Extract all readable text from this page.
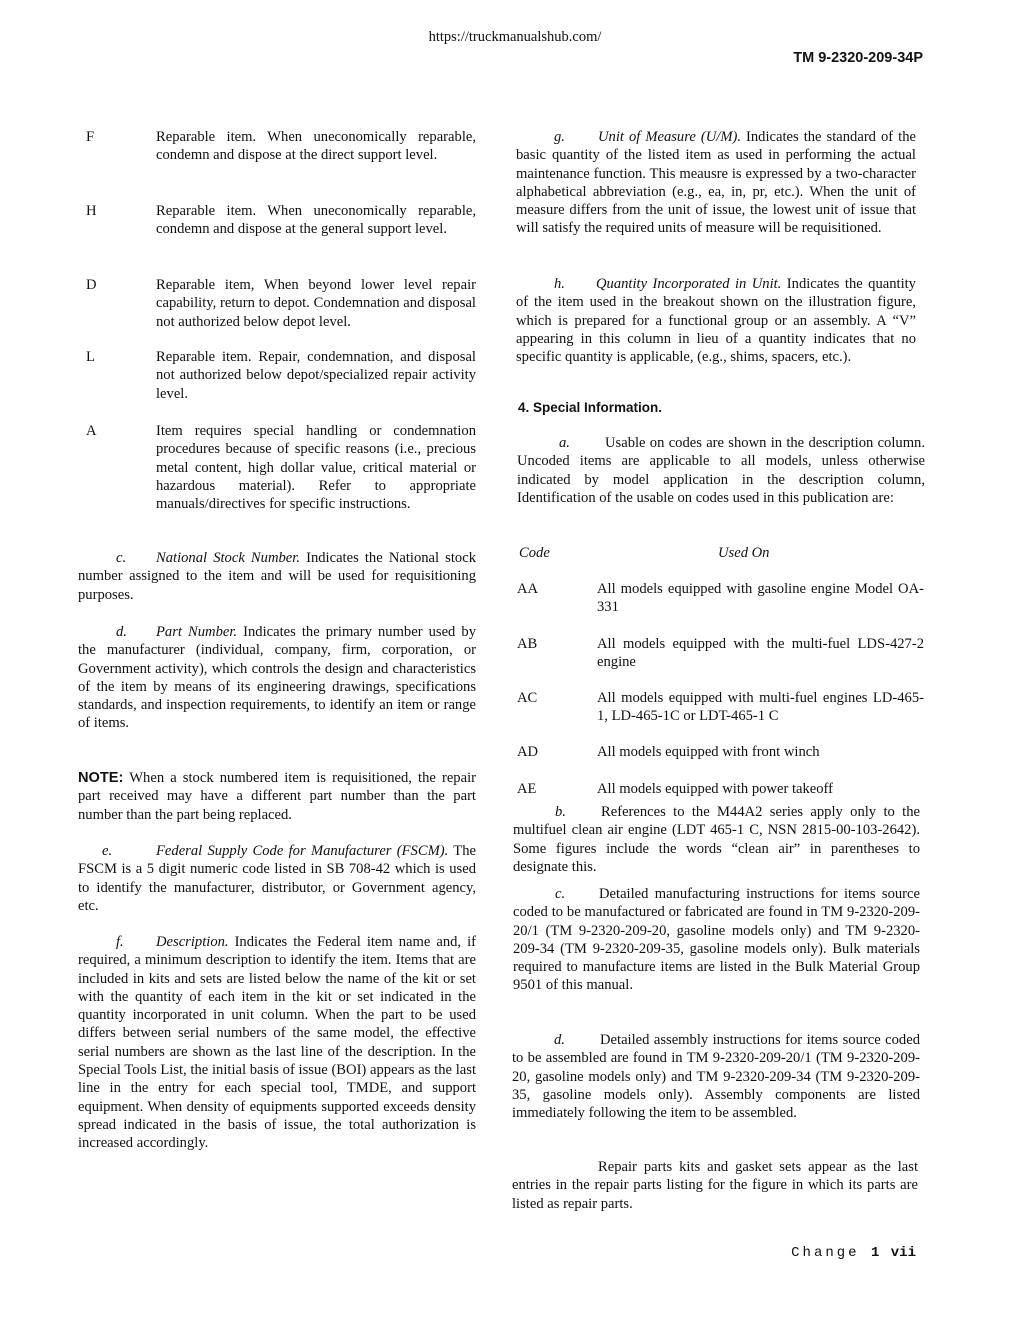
https://truckmanualshub.com/
TM 9-2320-209-34P
F	Reparable item. When uneconomically reparable, condemn and dispose at the direct support level.
H	Reparable item. When uneconomically reparable, condemn and dispose at the general support level.
D	Reparable item, When beyond lower level repair capability, return to depot. Condemnation and disposal not authorized below depot level.
L	Reparable item. Repair, condemnation, and disposal not authorized below depot/specialized repair activity level.
A	Item requires special handling or condemnation procedures because of specific reasons (i.e., precious metal content, high dollar value, critical material or hazardous material). Refer to appropriate manuals/directives for specific instructions.
c. National Stock Number. Indicates the National stock number assigned to the item and will be used for requisitioning purposes.
d. Part Number. Indicates the primary number used by the manufacturer (individual, company, firm, corporation, or Government activity), which controls the design and characteristics of the item by means of its engineering drawings, specifications standards, and inspection requirements, to identify an item or range of items.
NOTE: When a stock numbered item is requisitioned, the repair part received may have a different part number than the part number than the part being replaced.
e.	Federal Supply Code for Manufacturer (FSCM). The FSCM is a 5 digit numeric code listed in SB 708-42 which is used to identify the manufacturer, distributor, or Government agency, etc.
f. Description. Indicates the Federal item name and, if required, a minimum description to identify the item. Items that are included in kits and sets are listed below the name of the kit or set with the quantity of each item in the kit or set indicated in the quantity incorporated in unit column. When the part to be used differs between serial numbers of the same model, the effective serial numbers are shown as the last line of the description. In the Special Tools List, the initial basis of issue (BOI) appears as the last line in the entry for each special tool, TMDE, and support equipment. When density of equipments supported exceeds density spread indicated in the basis of issue, the total authorization is increased accordingly.
g. Unit of Measure (U/M). Indicates the standard of the basic quantity of the listed item as used in performing the actual maintenance function. This meausre is expressed by a two-character alphabetical abbreviation (e.g., ea, in, pr, etc.). When the unit of measure differs from the unit of issue, the lowest unit of issue that will satisfy the required units of measure will be requisitioned.
h. Quantity Incorporated in Unit. Indicates the quantity of the item used in the breakout shown on the illustration figure, which is prepared for a functional group or an assembly. A “V” appearing in this column in lieu of a quantity indicates that no specific quantity is applicable, (e.g., shims, spacers, etc.).
4. Special Information.
a. Usable on codes are shown in the description column. Uncoded items are applicable to all models, unless otherwise indicated by model application in the description column, Identification of the usable on codes used in this publication are:
Code	Used On
AA	All models equipped with gasoline engine Model OA-331
AB	All models equipped with the multi-fuel LDS-427-2 engine
AC	All models equipped with multi-fuel engines LD-465-1, LD-465-1C or LDT-465-1 C
AD	All models equipped with front winch
AE	All models equipped with power takeoff
b. References to the M44A2 series apply only to the multifuel clean air engine (LDT 465-1 C, NSN 2815-00-103-2642). Some figures include the words “clean air” in parentheses to designate this.
c. Detailed manufacturing instructions for items source coded to be manufactured or fabricated are found in TM 9-2320-209-20/1 (TM 9-2320-209-20, gasoline models only) and TM 9-2320-209-34 (TM 9-2320-209-35, gasoline models only). Bulk materials required to manufacture items are listed in the Bulk Material Group 9501 of this manual.
d. Detailed assembly instructions for items source coded to be assembled are found in TM 9-2320-209-20/1 (TM 9-2320-209-20, gasoline models only) and TM 9-2320-209-34 (TM 9-2320-209-35, gasoline models only). Assembly components are listed immediately following the item to be assembled.
Repair parts kits and gasket sets appear as the last entries in the repair parts listing for the figure in which its parts are listed as repair parts.
Change 1 vii
